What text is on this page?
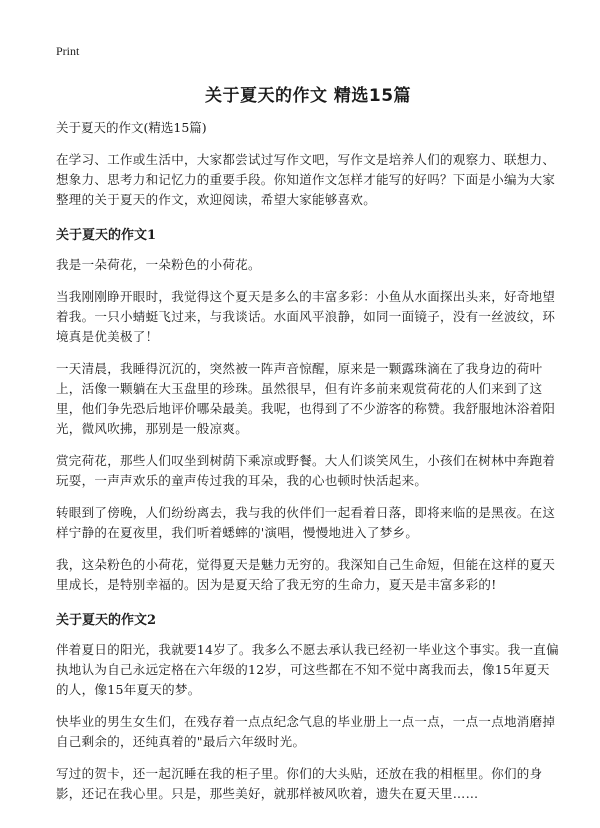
Print
关于夏天的作文 精选15篇
关于夏天的作文(精选15篇)

在学习、工作或生活中，大家都尝试过写作文吧，写作文是培养人们的观察力、联想力、想象力、思考力和记忆力的重要手段。你知道作文怎样才能写的好吗？下面是小编为大家整理的关于夏天的作文，欢迎阅读，希望大家能够喜欢。

关于夏天的作文1

我是一朵荷花，一朵粉色的小荷花。

当我刚刚睁开眼时，我觉得这个夏天是多么的丰富多彩：小鱼从水面探出头来，好奇地望着我。一只小蜻蜓飞过来，与我谈话。水面风平浪静，如同一面镜子，没有一丝波纹，环境真是优美极了！

一天清晨，我睡得沉沉的，突然被一阵声音惊醒，原来是一颗露珠滴在了我身边的荷叶上，活像一颗躺在大玉盘里的珍珠。虽然很早，但有许多前来观赏荷花的人们来到了这里，他们争先恐后地评价哪朵最美。我呢，也得到了不少游客的称赞。我舒服地沐浴着阳光，微风吹拂，那别是一般凉爽。

赏完荷花，那些人们叹坐到树荫下乘凉或野餐。大人们谈笑风生，小孩们在树林中奔跑着玩耍，一声声欢乐的童声传过我的耳朵，我的心也顿时快活起来。

转眼到了傍晚，人们纷纷离去，我与我的伙伴们一起看着日落，即将来临的是黑夜。在这样宁静的在夏夜里，我们听着蟋蟀的'演唱，慢慢地进入了梦乡。

我，这朵粉色的小荷花，觉得夏天是魅力无穷的。我深知自己生命短，但能在这样的夏天里成长，是特别幸福的。因为是夏天给了我无穷的生命力，夏天是丰富多彩的!

关于夏天的作文2

伴着夏日的阳光，我就要14岁了。我多么不愿去承认我已经初一毕业这个事实。我一直偏执地认为自己永远定格在六年级的12岁，可这些都在不知不觉中离我而去，像15年夏天的人，像15年夏天的梦。

快毕业的男生女生们，在残存着一点点纪念气息的毕业册上一点一点，一点一点地消磨掉自己剩余的，还纯真着的"最后六年级时光。

写过的贺卡，还一起沉睡在我的柜子里。你们的大头贴，还放在我的相框里。你们的身影，还记在我心里。只是，那些美好，就那样被风吹着，遗失在夏天里……
